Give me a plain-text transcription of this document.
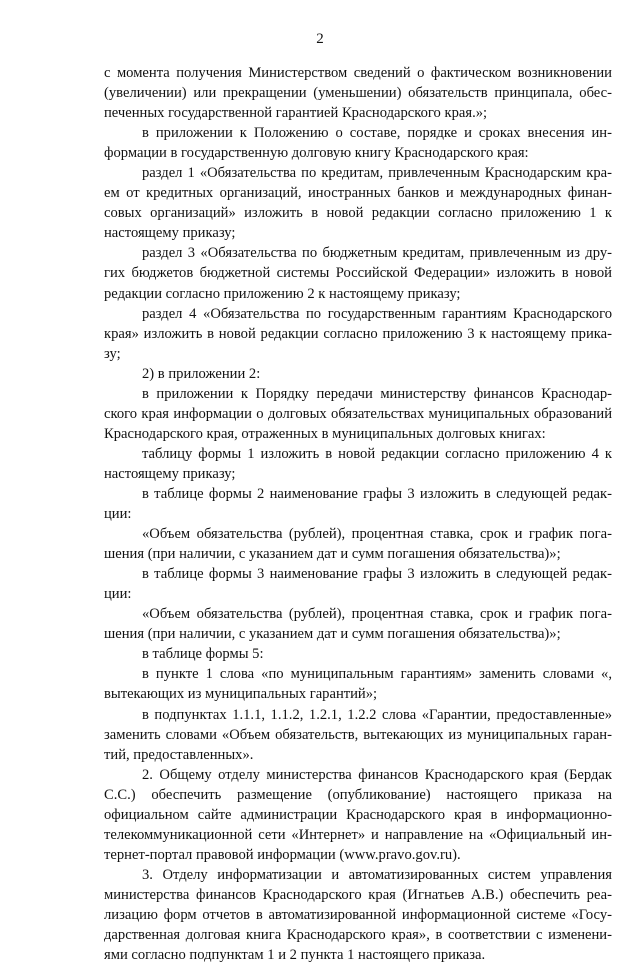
2

с момента получения Министерством сведений о фактическом возникновении (увеличении) или прекращении (уменьшении) обязательств принципала, обеспеченных государственной гарантией Краснодарского края.»;

в приложении к Положению о составе, порядке и сроках внесения информации в государственную долговую книгу Краснодарского края:

раздел 1 «Обязательства по кредитам, привлеченным Краснодарским краем от кредитных организаций, иностранных банков и международных финансовых организаций» изложить в новой редакции согласно приложению 1 к настоящему приказу;

раздел 3 «Обязательства по бюджетным кредитам, привлеченным из других бюджетов бюджетной системы Российской Федерации» изложить в новой редакции согласно приложению 2 к настоящему приказу;

раздел 4 «Обязательства по государственным гарантиям Краснодарского края» изложить в новой редакции согласно приложению 3 к настоящему приказу;

2) в приложении 2:

в приложении к Порядку передачи министерству финансов Краснодарского края информации о долговых обязательствах муниципальных образований Краснодарского края, отраженных в муниципальных долговых книгах:

таблицу формы 1 изложить в новой редакции согласно приложению 4 к настоящему приказу;

в таблице формы 2 наименование графы 3 изложить в следующей редакции:

«Объем обязательства (рублей), процентная ставка, срок и график погашения (при наличии, с указанием дат и сумм погашения обязательства)»;

в таблице формы 3 наименование графы 3 изложить в следующей редакции:

«Объем обязательства (рублей), процентная ставка, срок и график погашения (при наличии, с указанием дат и сумм погашения обязательства)»;

в таблице формы 5:

в пункте 1 слова «по муниципальным гарантиям» заменить словами «, вытекающих из муниципальных гарантий»;

в подпунктах 1.1.1, 1.1.2, 1.2.1, 1.2.2 слова «Гарантии, предоставленные» заменить словами «Объем обязательств, вытекающих из муниципальных гарантий, предоставленных».

2. Общему отделу министерства финансов Краснодарского края (Бердак С.С.) обеспечить размещение (опубликование) настоящего приказа на официальном сайте администрации Краснодарского края в информационно-телекоммуникационной сети «Интернет» и направление на «Официальный интернет-портал правовой информации (www.pravo.gov.ru).

3. Отделу информатизации и автоматизированных систем управления министерства финансов Краснодарского края (Игнатьев А.В.) обеспечить реализацию форм отчетов в автоматизированной информационной системе «Государственная долговая книга Краснодарского края», в соответствии с изменениями согласно подпунктам 1 и 2 пункта 1 настоящего приказа.
